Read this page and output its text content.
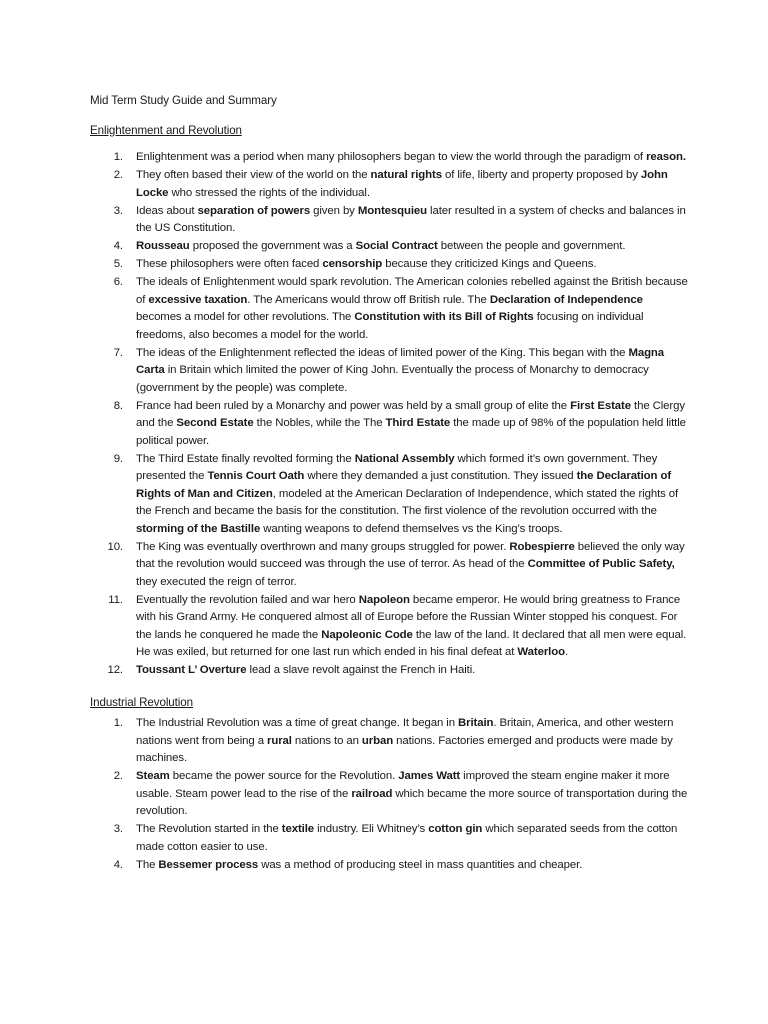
Mid Term Study Guide and Summary
Enlightenment and Revolution
1. Enlightenment was a period when many philosophers began to view the world through the paradigm of reason.
2. They often based their view of the world on the natural rights of life, liberty and property proposed by John Locke who stressed the rights of the individual.
3. Ideas about separation of powers given by Montesquieu later resulted in a system of checks and balances in the US Constitution.
4. Rousseau proposed the government was a Social Contract between the people and government.
5. These philosophers were often faced censorship because they criticized Kings and Queens.
6. The ideals of Enlightenment would spark revolution. The American colonies rebelled against the British because of excessive taxation. The Americans would throw off British rule. The Declaration of Independence becomes a model for other revolutions. The Constitution with its Bill of Rights focusing on individual freedoms, also becomes a model for the world.
7. The ideas of the Enlightenment reflected the ideas of limited power of the King. This began with the Magna Carta in Britain which limited the power of King John. Eventually the process of Monarchy to democracy (government by the people) was complete.
8. France had been ruled by a Monarchy and power was held by a small group of elite the First Estate the Clergy and the Second Estate the Nobles, while the The Third Estate the made up of 98% of the population held little political power.
9. The Third Estate finally revolted forming the National Assembly which formed it’s own government. They presented the Tennis Court Oath where they demanded a just constitution. They issued the Declaration of Rights of Man and Citizen, modeled at the American Declaration of Independence, which stated the rights of the French and became the basis for the constitution. The first violence of the revolution occurred with the storming of the Bastille wanting weapons to defend themselves vs the King’s troops.
10. The King was eventually overthrown and many groups struggled for power. Robespierre believed the only way that the revolution would succeed was through the use of terror. As head of the Committee of Public Safety, they executed the reign of terror.
11. Eventually the revolution failed and war hero Napoleon became emperor. He would bring greatness to France with his Grand Army. He conquered almost all of Europe before the Russian Winter stopped his conquest. For the lands he conquered he made the Napoleonic Code the law of the land. It declared that all men were equal. He was exiled, but returned for one last run which ended in his final defeat at Waterloo.
12. Toussant L’ Overture lead a slave revolt against the French in Haiti.
Industrial Revolution
1. The Industrial Revolution was a time of great change. It began in Britain. Britain, America, and other western nations went from being a rural nations to an urban nations. Factories emerged and products were made by machines.
2. Steam became the power source for the Revolution. James Watt improved the steam engine maker it more usable. Steam power lead to the rise of the railroad which became the more source of transportation during the revolution.
3. The Revolution started in the textile industry. Eli Whitney’s cotton gin which separated seeds from the cotton made cotton easier to use.
4. The Bessemer process was a method of producing steel in mass quantities and cheaper.
